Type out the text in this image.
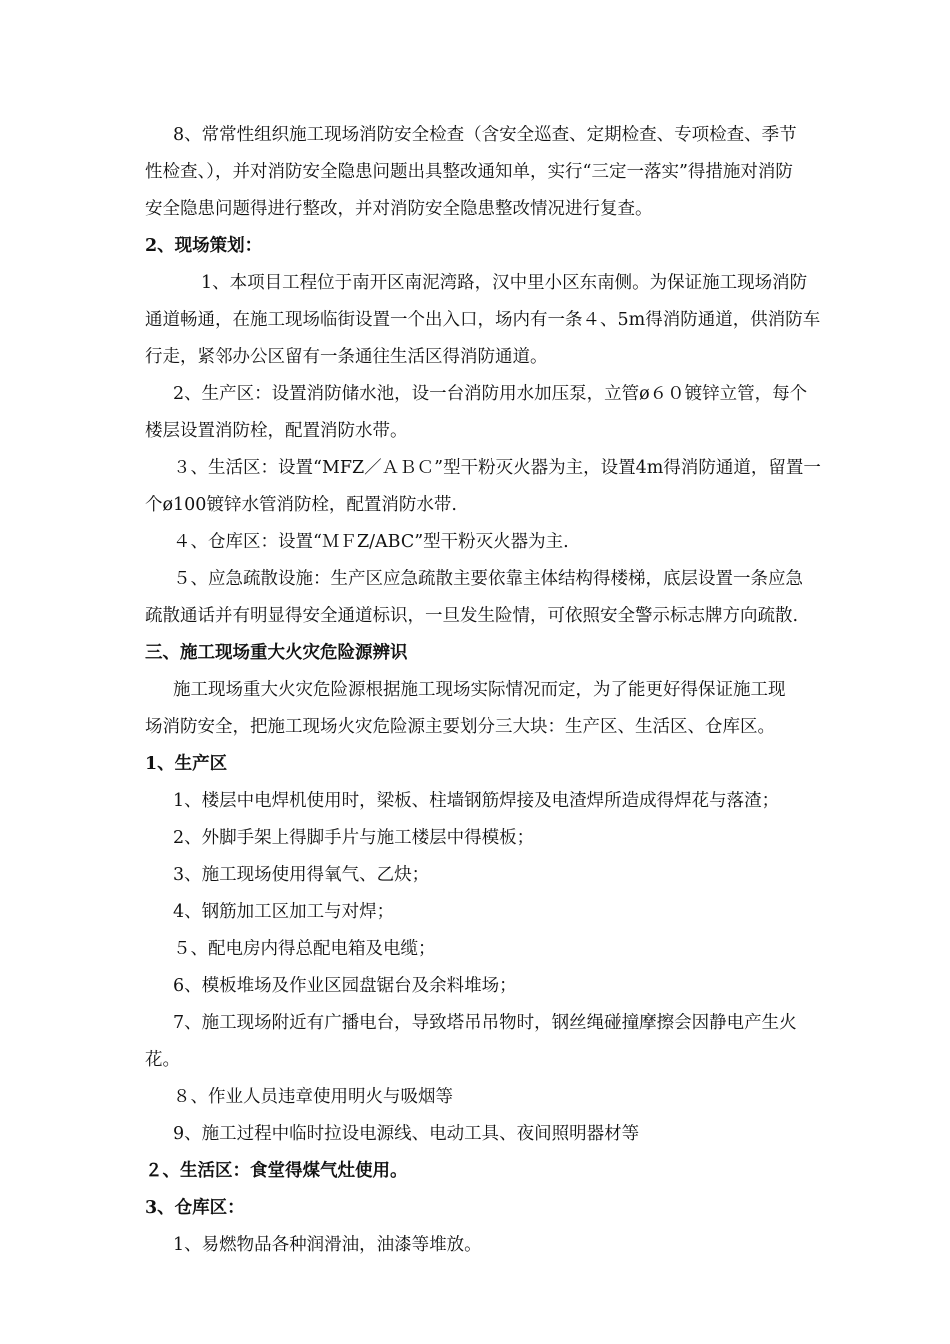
8、常常性组织施工现场消防安全检查（含安全巡查、定期检查、专项检查、季节
性检查、），并对消防安全隐患问题出具整改通知单，实行“三定一落实”得措施对消防
安全隐患问题得进行整改，并对消防安全隐患整改情况进行复查。
2、现场策划：
1、本项目工程位于南开区南泥湾路，汉中里小区东南侧。为保证施工现场消防
通道畅通，在施工现场临街设置一个出入口，场内有一条４、5m得消防通道，供消防车
行走，紧邻办公区留有一条通往生活区得消防通道。
2、生产区：设置消防储水池，设一台消防用水加压泵，立管ø６０镀锌立管，每个
楼层设置消防栓，配置消防水带。
３、生活区：设置“MFZ／ＡＢＣ”型干粉灭火器为主，设置4m得消防通道，留置一
个ø100镀锌水管消防栓，配置消防水带.
４、仓库区：设置“ＭＦZ/ABC”型干粉灭火器为主.
５、应急疏散设施：生产区应急疏散主要依靠主体结构得楼梯，底层设置一条应急
疏散通话并有明显得安全通道标识，一旦发生险情，可依照安全警示标志牌方向疏散.
三、施工现场重大火灾危险源辨识
施工现场重大火灾危险源根据施工现场实际情况而定，为了能更好得保证施工现
场消防安全，把施工现场火灾危险源主要划分三大块：生产区、生活区、仓库区。
1、生产区
1、楼层中电焊机使用时，梁板、柱墙钢筋焊接及电渣焊所造成得焊花与落渣；
2、外脚手架上得脚手片与施工楼层中得模板；
3、施工现场使用得氧气、乙炔；
4、钢筋加工区加工与对焊；
５、配电房内得总配电箱及电缆；
6、模板堆场及作业区园盘锯台及余料堆场；
7、施工现场附近有广播电台，导致塔吊吊物时，钢丝绳碰撞摩擦会因静电产生火
花。
８、作业人员违章使用明火与吸烟等
9、施工过程中临时拉设电源线、电动工具、夜间照明器材等
２、生活区：食堂得煤气灶使用。
3、仓库区：
1、易燃物品各种润滑油，油漆等堆放。
